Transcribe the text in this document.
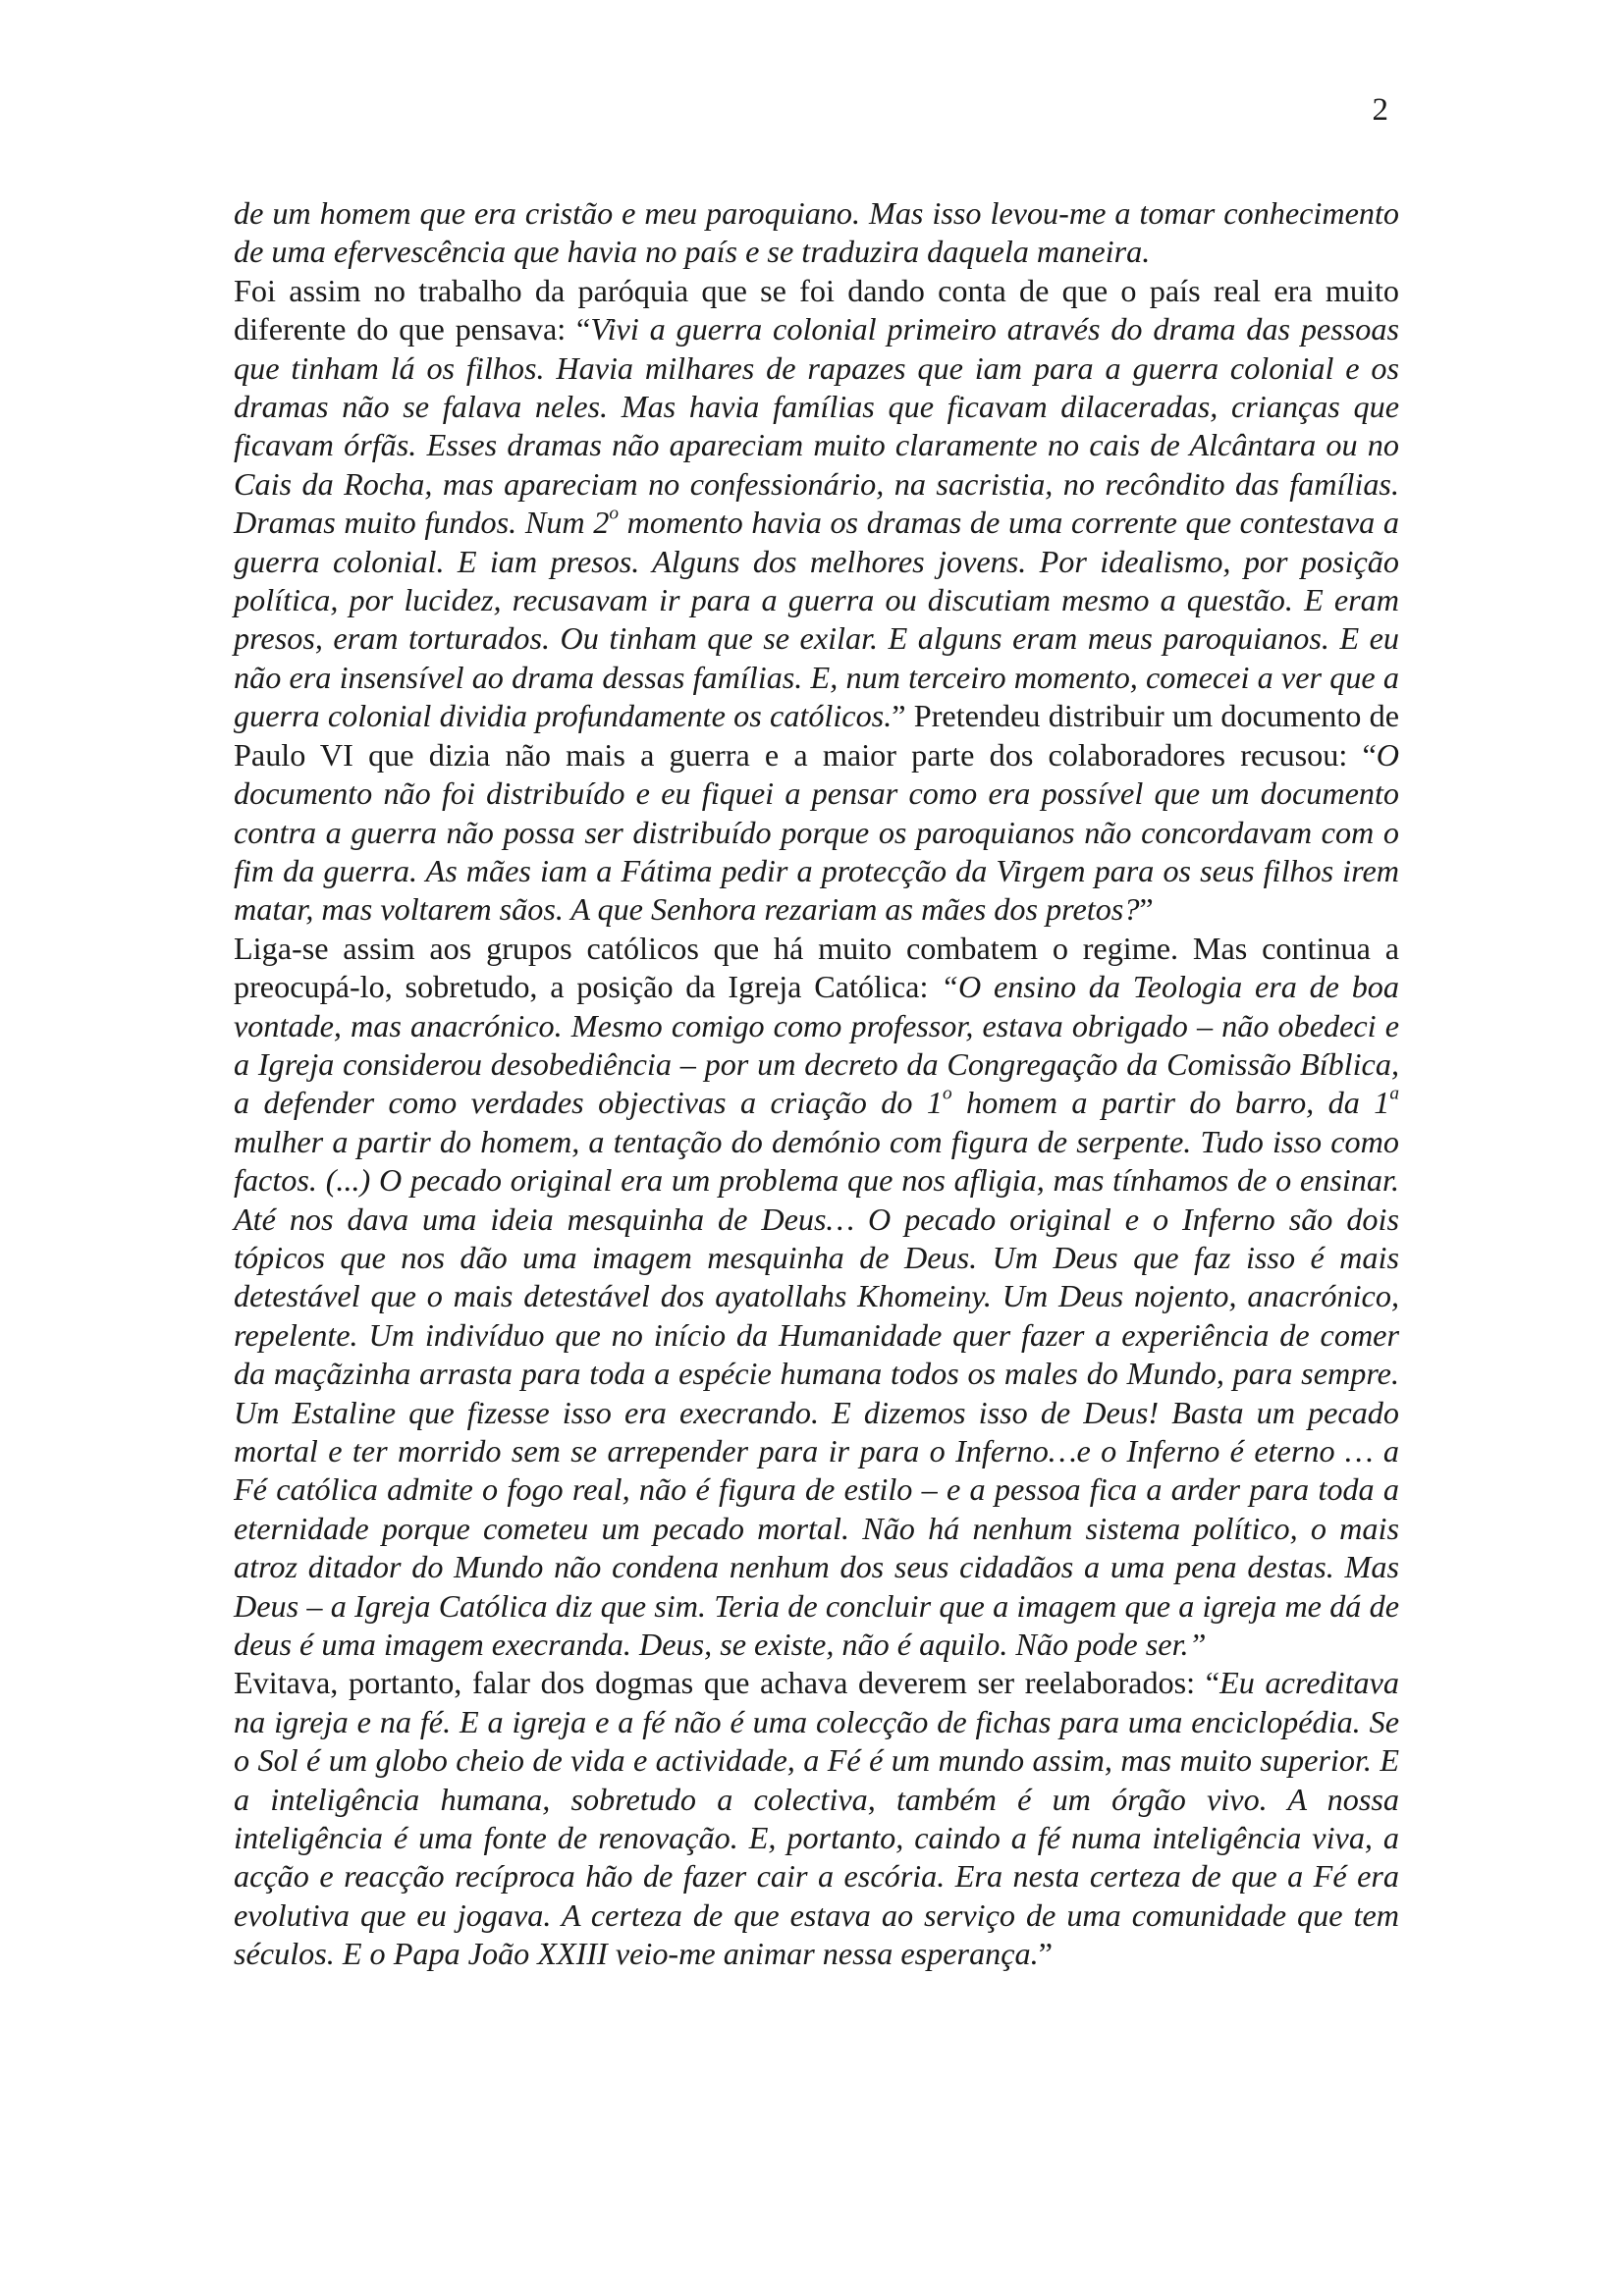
2

de um homem que era cristão e meu paroquiano. Mas isso levou-me a tomar conhecimento de uma efervescência que havia no país e se traduzira daquela maneira.

Foi assim no trabalho da paróquia que se foi dando conta de que o país real era muito diferente do que pensava: “Vivi a guerra colonial primeiro através do drama das pessoas que tinham lá os filhos. Havia milhares de rapazes que iam para a guerra colonial e os dramas não se falava neles. Mas havia famílias que ficavam dilaceradas, crianças que ficavam órfãs. Esses dramas não apareciam muito claramente no cais de Alcântara ou no Cais da Rocha, mas apareciam no confessionário, na sacristia, no recôndito das famílias. Dramas muito fundos. Num 2$^o$ momento havia os dramas de uma corrente que contestava a guerra colonial. E iam presos. Alguns dos melhores jovens. Por idealismo, por posição política, por lucidez, recusavam ir para a guerra ou discutiam mesmo a questão. E eram presos, eram torturados. Ou tinham que se exilar. E alguns eram meus paroquianos. E eu não era insensível ao drama dessas famílias. E, num terceiro momento, comecei a ver que a guerra colonial dividia profundamente os católicos.” Pretendeu distribuir um documento de Paulo VI que dizia não mais a guerra e a maior parte dos colaboradores recusou: “O documento não foi distribuído e eu fiquei a pensar como era possível que um documento contra a guerra não possa ser distribuído porque os paroquianos não concordavam com o fim da guerra. As mães iam a Fátima pedir a protecção da Virgem para os seus filhos irem matar, mas voltarem sãos. A que Senhora rezariam as mães dos pretos?”

Liga-se assim aos grupos católicos que há muito combatem o regime. Mas continua a preocupá-lo, sobretudo, a posição da Igreja Católica: “O ensino da Teologia era de boa vontade, mas anacrónico. Mesmo comigo como professor, estava obrigado – não obedeci e a Igreja considerou desobediência – por um decreto da Congregação da Comissão Bíblica, a defender como verdades objectivas a criação do 1$^o$ homem a partir do barro, da 1$^a$ mulher a partir do homem, a tentação do demónio com figura de serpente. Tudo isso como factos. (...) O pecado original era um problema que nos afligia, mas tínhamos de o ensinar. Até nos dava uma ideia mesquinha de Deus… O pecado original e o Inferno são dois tópicos que nos dão uma imagem mesquinha de Deus. Um Deus que faz isso é mais detestável que o mais detestável dos ayatollahs Khomeiny. Um Deus nojento, anacrónico, repelente. Um indivíduo que no início da Humanidade quer fazer a experiência de comer da maçãzinha arrasta para toda a espécie humana todos os males do Mundo, para sempre. Um Estaline que fizesse isso era execrando. E dizemos isso de Deus! Basta um pecado mortal e ter morrido sem se arrepender para ir para o Inferno…e o Inferno é eterno … a Fé católica admite o fogo real, não é figura de estilo – e a pessoa fica a arder para toda a eternidade porque cometeu um pecado mortal. Não há nenhum sistema político, o mais atroz ditador do Mundo não condena nenhum dos seus cidadãos a uma pena destas. Mas Deus – a Igreja Católica diz que sim. Teria de concluir que a imagem que a igreja me dá de deus é uma imagem execranda. Deus, se existe, não é aquilo. Não pode ser.”

Evitava, portanto, falar dos dogmas que achava deverem ser reelaborados: “Eu acreditava na igreja e na fé. E a igreja e a fé não é uma colecção de fichas para uma enciclopédia. Se o Sol é um globo cheio de vida e actividade, a Fé é um mundo assim, mas muito superior. E a inteligência humana, sobretudo a colectiva, também é um órgão vivo. A nossa inteligência é uma fonte de renovação. E, portanto, caindo a fé numa inteligência viva, a acção e reacção recíproca hão de fazer cair a escória. Era nesta certeza de que a Fé era evolutiva que eu jogava. A certeza de que estava ao serviço de uma comunidade que tem séculos. E o Papa João XXIII veio-me animar nessa esperança.”
